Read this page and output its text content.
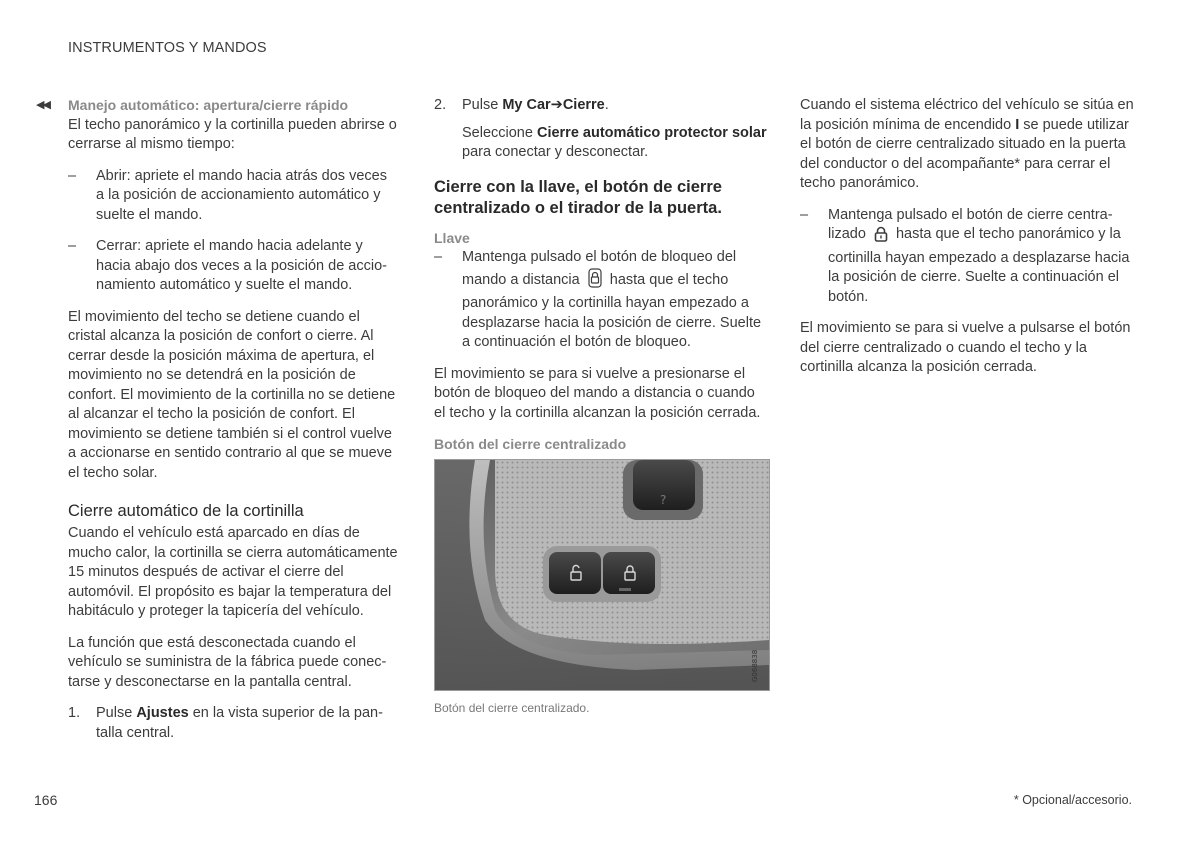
INSTRUMENTOS Y MANDOS
◀◀ Manejo automático: apertura/cierre rápido

El techo panorámico y la cortinilla pueden abrirse o cerrarse al mismo tiempo:

– Abrir: apriete el mando hacia atrás dos veces a la posición de accionamiento automático y suelte el mando.
– Cerrar: apriete el mando hacia adelante y hacia abajo dos veces a la posición de accionamiento automático y suelte el mando.

El movimiento del techo se detiene cuando el cristal alcanza la posición de confort o cierre. Al cerrar desde la posición máxima de apertura, el movimiento no se detendrá en la posición de confort. El movimiento de la cortinilla no se detiene al alcanzar el techo la posición de confort. El movimiento se detiene también si el control vuelve a accionarse en sentido contrario al que se mueve el techo solar.

Cierre automático de la cortinilla

Cuando el vehículo está aparcado en días de mucho calor, la cortinilla se cierra automáticamente 15 minutos después de activar el cierre del automóvil. El propósito es bajar la temperatura del habitáculo y proteger la tapicería del vehículo.

La función que está desconectada cuando el vehículo se suministra de la fábrica puede conectarse y desconectarse en la pantalla central.

1. Pulse Ajustes en la vista superior de la pantalla central.
2. Pulse My Car➔Cierre.
Seleccione Cierre automático protector solar para conectar y desconectar.
Cierre con la llave, el botón de cierre centralizado o el tirador de la puerta.

Llave

– Mantenga pulsado el botón de bloqueo del mando a distancia hasta que el techo panorámico y la cortinilla hayan empezado a desplazarse hacia la posición de cierre. Suelte a continuación el botón de bloqueo.

El movimiento se para si vuelve a presionarse el botón de bloqueo del mando a distancia o cuando el techo y la cortinilla alcanzan la posición cerrada.

Botón del cierre centralizado

?
G068838
Botón del cierre centralizado.

Cuando el sistema eléctrico del vehículo se sitúa en la posición mínima de encendido I se puede utilizar el botón de cierre centralizado situado en la puerta del conductor o del acompañante* para cerrar el techo panorámico.

– Mantenga pulsado el botón de cierre centralizado hasta que el techo panorámico y la cortinilla hayan empezado a desplazarse hacia la posición de cierre. Suelte a continuación el botón.

El movimiento se para si vuelve a pulsarse el botón del cierre centralizado o cuando el techo y la cortinilla alcanza la posición cerrada.

166	* Opcional/accesorio.
